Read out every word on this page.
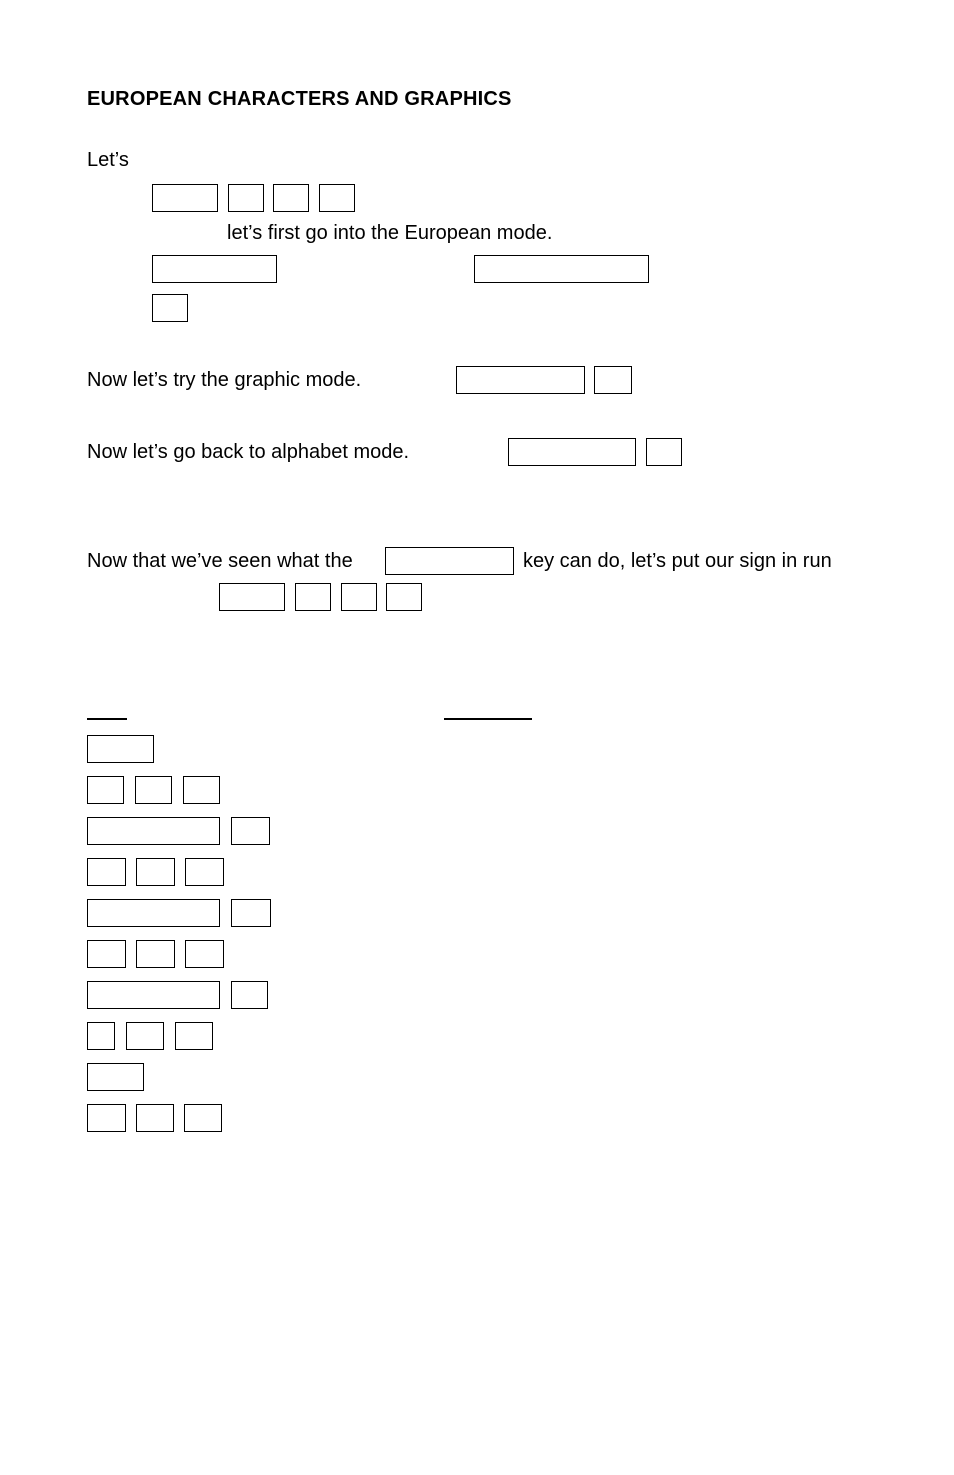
EUROPEAN CHARACTERS AND GRAPHICS
Let’s
let’s first go into the European mode.
Now let’s try the graphic mode.
Now let’s go back to alphabet mode.
Now that we’ve seen what the	key can do, let’s put our sign in run
